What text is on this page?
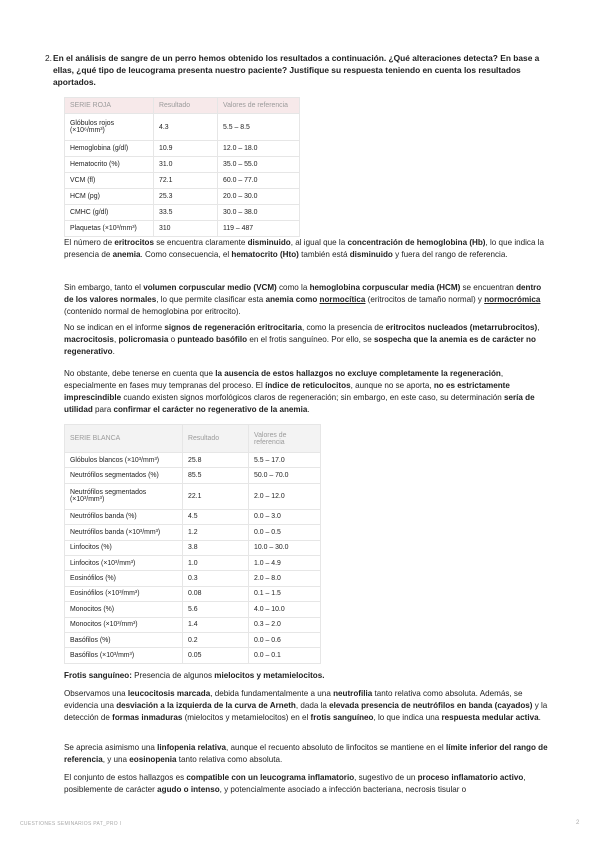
2. En el análisis de sangre de un perro hemos obtenido los resultados a continuación. ¿Qué alteraciones detecta? En base a ellas, ¿qué tipo de leucograma presenta nuestro paciente? Justifique su respuesta teniendo en cuenta los resultados aportados.
SERIE ROJA	Resultado	Valores de referencia
Glóbulos rojos (×10⁶/mm³)	4.3	5.5 – 8.5
Hemoglobina (g/dl)	10.9	12.0 – 18.0
Hematocrito (%)	31.0	35.0 – 55.0
VCM (fl)	72.1	60.0 – 77.0
HCM (pg)	25.3	20.0 – 30.0
CMHC (g/dl)	33.5	30.0 – 38.0
Plaquetas (×10³/mm³)	310	119 – 487

El número de eritrocitos se encuentra claramente disminuido, al igual que la concentración de hemoglobina (Hb), lo que indica la presencia de anemia. Como consecuencia, el hematocrito (Hto) también está disminuido y fuera del rango de referencia.

Sin embargo, tanto el volumen corpuscular medio (VCM) como la hemoglobina corpuscular media (HCM) se encuentran dentro de los valores normales, lo que permite clasificar esta anemia como normocítica (eritrocitos de tamaño normal) y normocrómica (contenido normal de hemoglobina por eritrocito).

No se indican en el informe signos de regeneración eritrocitaria, como la presencia de eritrocitos nucleados (metarrubrocitos), macrocitosis, policromasia o punteado basófilo en el frotis sanguíneo. Por ello, se sospecha que la anemia es de carácter no regenerativo.

No obstante, debe tenerse en cuenta que la ausencia de estos hallazgos no excluye completamente la regeneración, especialmente en fases muy tempranas del proceso. El índice de reticulocitos, aunque no se aporta, no es estrictamente imprescindible cuando existen signos morfológicos claros de regeneración; sin embargo, en este caso, su determinación sería de utilidad para confirmar el carácter no regenerativo de la anemia.

SERIE BLANCA	Resultado	Valores de referencia
Glóbulos blancos (×10³/mm³)	25.8	5.5 – 17.0
Neutrófilos segmentados (%)	85.5	50.0 – 70.0
Neutrófilos segmentados (×10³/mm³)	22.1	2.0 – 12.0
Neutrófilos banda (%)	4.5	0.0 – 3.0
Neutrófilos banda (×10³/mm³)	1.2	0.0 – 0.5
Linfocitos (%)	3.8	10.0 – 30.0
Linfocitos (×10³/mm³)	1.0	1.0 – 4.9
Eosinófilos (%)	0.3	2.0 – 8.0
Eosinófilos (×10³/mm³)	0.08	0.1 – 1.5
Monocitos (%)	5.6	4.0 – 10.0
Monocitos (×10³/mm³)	1.4	0.3 – 2.0
Basófilos (%)	0.2	0.0 – 0.6
Basófilos (×10³/mm³)	0.05	0.0 – 0.1

Frotis sanguíneo: Presencia de algunos mielocitos y metamielocitos.

Observamos una leucocitosis marcada, debida fundamentalmente a una neutrofilia tanto relativa como absoluta. Además, se evidencia una desviación a la izquierda de la curva de Arneth, dada la elevada presencia de neutrófilos en banda (cayados) y la detección de formas inmaduras (mielocitos y metamielocitos) en el frotis sanguíneo, lo que indica una respuesta medular activa.

Se aprecia asimismo una linfopenia relativa, aunque el recuento absoluto de linfocitos se mantiene en el límite inferior del rango de referencia, y una eosinopenia tanto relativa como absoluta.

El conjunto de estos hallazgos es compatible con un leucograma inflamatorio, sugestivo de un proceso inflamatorio activo, posiblemente de carácter agudo o intenso, y potencialmente asociado a infección bacteriana, necrosis tisular o

CUESTIONES SEMINARIOS PAT_PRO I	2
